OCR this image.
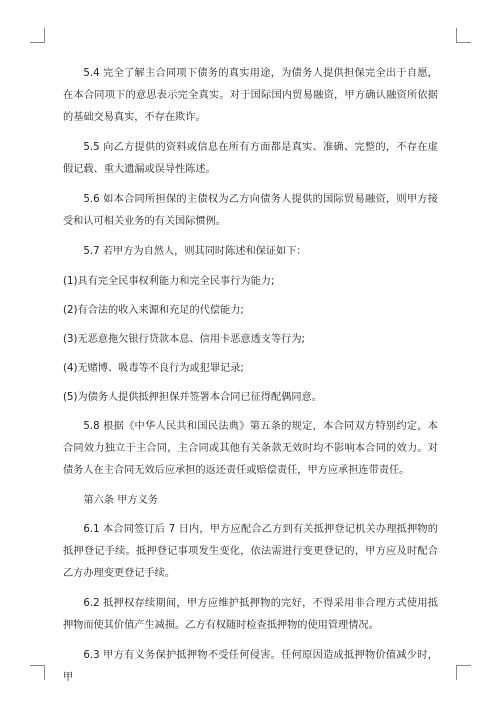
5.4 完全了解主合同项下债务的真实用途，为债务人提供担保完全出于自愿，在本合同项下的意思表示完全真实。对于国际国内贸易融资，甲方确认融资所依据的基础交易真实，不存在欺诈。

5.5 向乙方提供的资料或信息在所有方面都是真实、准确、完整的，不存在虚假记载、重大遗漏或误导性陈述。

5.6 如本合同所担保的主债权为乙方向债务人提供的国际贸易融资，则甲方接受和认可相关业务的有关国际惯例。

5.7 若甲方为自然人，则其同时陈述和保证如下：

(1)具有完全民事权利能力和完全民事行为能力;

(2)有合法的收入来源和充足的代偿能力;

(3)无恶意拖欠银行贷款本息、信用卡恶意透支等行为;

(4)无赌博、吸毒等不良行为或犯罪记录;

(5)为债务人提供抵押担保并签署本合同已征得配偶同意。

5.8 根据《中华人民共和国民法典》第五条的规定，本合同双方特别约定，本合同效力独立于主合同，主合同或其他有关条款无效时均不影响本合同的效力。对债务人在主合同无效后应承担的返还责任或赔偿责任，甲方应承担连带责任。

第六条 甲方义务

6.1 本合同签订后 7 日内，甲方应配合乙方到有关抵押登记机关办理抵押物的抵押登记手续。抵押登记事项发生变化，依法需进行变更登记的，甲方应及时配合乙方办理变更登记手续。

6.2 抵押权存续期间，甲方应维护抵押物的完好，不得采用非合理方式使用抵押物而使其价值产生减损。乙方有权随时检查抵押物的使用管理情况。

6.3 甲方有义务保护抵押物不受任何侵害。任何原因造成抵押物价值减少时，甲
